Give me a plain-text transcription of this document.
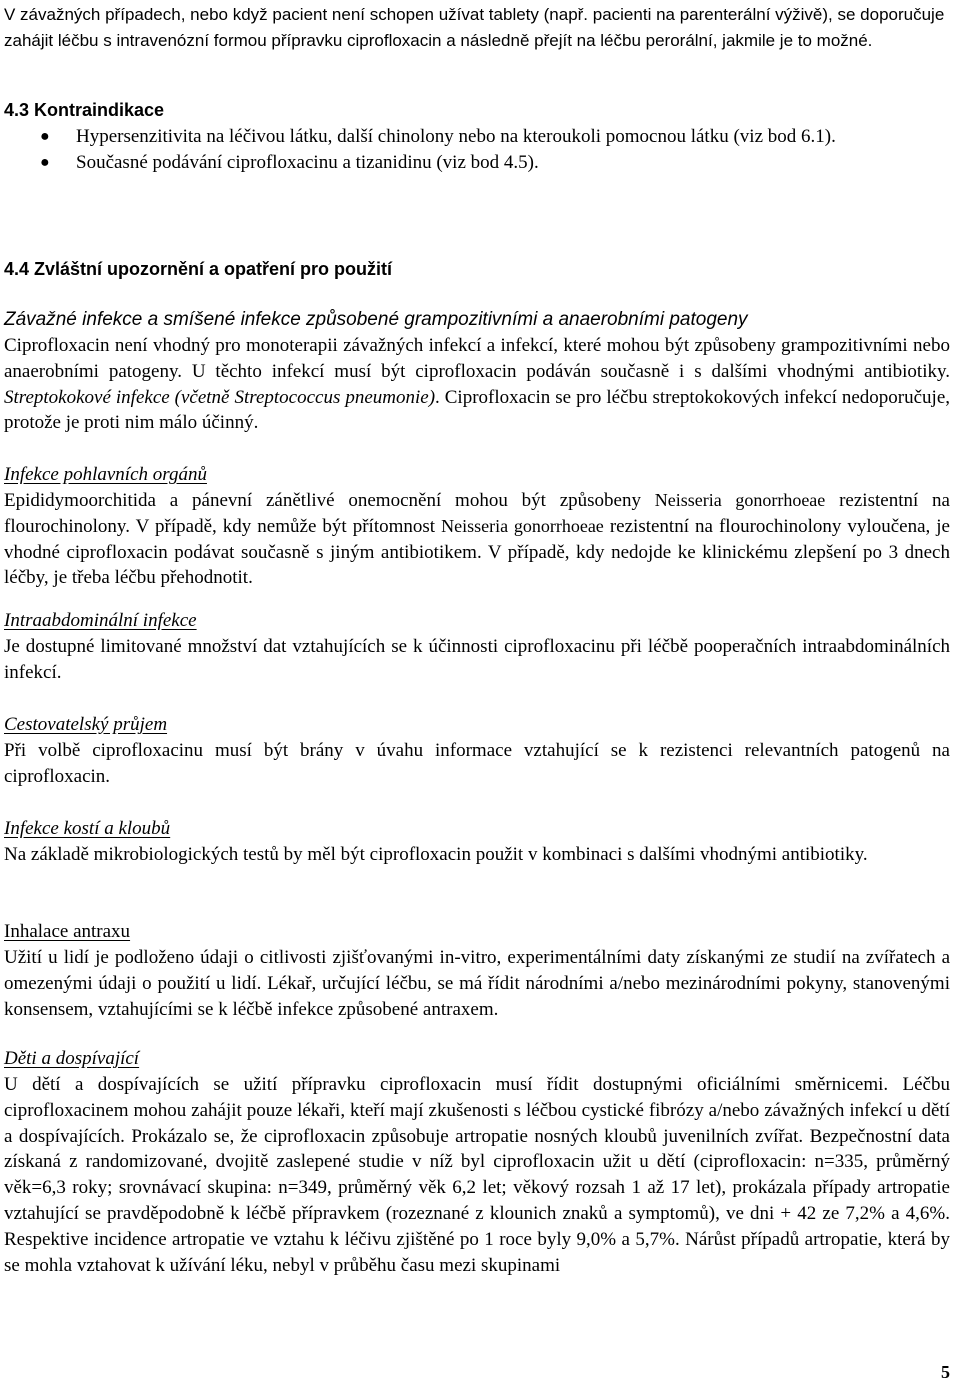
V závažných případech, nebo když pacient není schopen užívat tablety (např. pacienti na parenterální výživě), se doporučuje zahájit léčbu s intravenózní formou přípravku ciprofloxacin a následně přejít na léčbu perorální, jakmile je to možné.
4.3 Kontraindikace
● Hypersenzitivita na léčivou látku, další chinolony nebo na kteroukoli pomocnou látku (viz bod 6.1).
● Současné podávání ciprofloxacinu a tizanidinu (viz bod 4.5).
4.4 Zvláštní upozornění a opatření pro použití
Závažné infekce a smíšené infekce způsobené grampozitivními a anaerobními patogeny
Ciprofloxacin není vhodný pro monoterapii závažných infekcí a infekcí, které mohou být způsobeny grampozitivními nebo anaerobními patogeny. U těchto infekcí musí být ciprofloxacin podáván současně i s dalšími vhodnými antibiotiky. Streptokokové infekce (včetně Streptococcus pneumonie). Ciprofloxacin se pro léčbu streptokokových infekcí nedoporučuje, protože je proti nim málo účinný.
Infekce pohlavních orgánů
Epididymoorchitida a pánevní zánětlivé onemocnění mohou být způsobeny Neisseria gonorrhoeae rezistentní na flourochinolony. V případě, kdy nemůže být přítomnost Neisseria gonorrhoeae rezistentní na flourochinolony vyloučena, je vhodné ciprofloxacin podávat současně s jiným antibiotikem. V případě, kdy nedojde ke klinickému zlepšení po 3 dnech léčby, je třeba léčbu přehodnotit.
Intraabdominální infekce
Je dostupné limitované množství dat vztahujících se k účinnosti ciprofloxacinu při léčbě pooperačních intraabdominálních infekcí.
Cestovatelský průjem
Při volbě ciprofloxacinu musí být brány v úvahu informace vztahující se k rezistenci relevantních patogenů na ciprofloxacin.
Infekce kostí a kloubů
Na základě mikrobiologických testů by měl být ciprofloxacin použit v kombinaci s dalšími vhodnými antibiotiky.
Inhalace antraxu
Užití u lidí je podloženo údaji o citlivosti zjišťovanými in-vitro, experimentálními daty získanými ze studií na zvířatech a omezenými údaji o použití u lidí. Lékař, určující léčbu, se má řídit národními a/nebo mezinárodními pokyny, stanovenými konsensem, vztahujícími se k léčbě infekce způsobené antraxem.
Děti a dospívající
U dětí a dospívajících se užití přípravku ciprofloxacin musí řídit dostupnými oficiálními směrnicemi. Léčbu ciprofloxacinem mohou zahájit pouze lékaři, kteří mají zkušenosti s léčbou cystické fibrózy a/nebo závažných infekcí u dětí a dospívajících. Prokázalo se, že ciprofloxacin způsobuje artropatie nosných kloubů juvenilních zvířat. Bezpečnostní data získaná z randomizované, dvojitě zaslepené studie v níž byl ciprofloxacin užit u dětí (ciprofloxacin: n=335, průměrný věk=6,3 roky; srovnávací skupina: n=349, průměrný věk 6,2 let; věkový rozsah 1 až 17 let), prokázala případy artropatie vztahující se pravděpodobně k léčbě přípravkem (rozeznané z klounich znaků a symptomů), ve dni + 42 ze 7,2% a 4,6%. Respektive incidence artropatie ve vztahu k léčivu zjištěné po 1 roce byly 9,0% a 5,7%. Nárůst případů artropatie, která by se mohla vztahovat k užívání léku, nebyl v průběhu času mezi skupinami
5
